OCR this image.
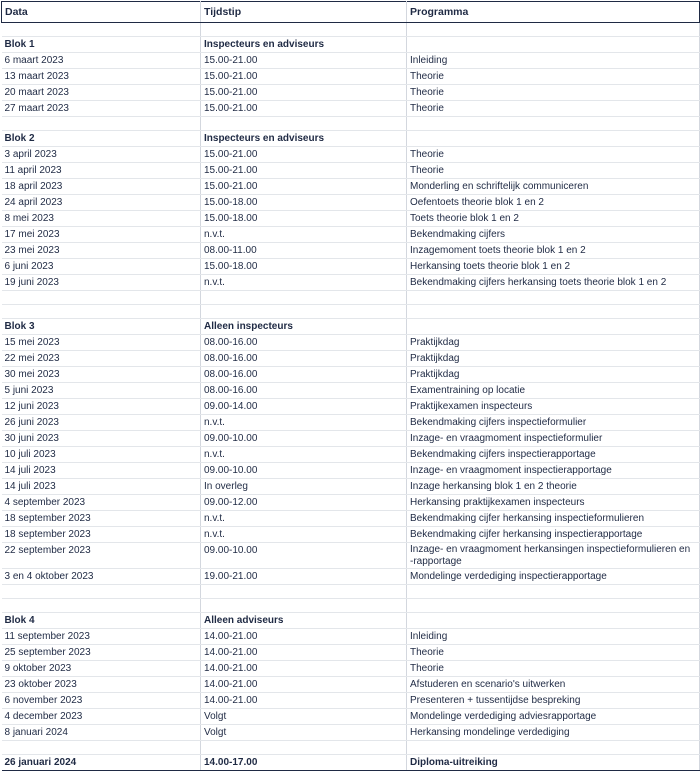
Data	Tijdstip	Programma

Blok 1	Inspecteurs en adviseurs	
6 maart 2023	15.00-21.00	Inleiding
13 maart 2023	15.00-21.00	Theorie
20 maart 2023	15.00-21.00	Theorie
27 maart 2023	15.00-21.00	Theorie

Blok 2	Inspecteurs en adviseurs	
3 april 2023	15.00-21.00	Theorie
11 april 2023	15.00-21.00	Theorie
18 april 2023	15.00-21.00	Monderling en schriftelijk communiceren
24 april 2023	15.00-18.00	Oefentoets theorie blok 1 en 2
8 mei 2023	15.00-18.00	Toets theorie blok 1 en 2
17 mei 2023	n.v.t.	Bekendmaking cijfers
23 mei 2023	08.00-11.00	Inzagemoment toets theorie blok 1 en 2
6 juni 2023	15.00-18.00	Herkansing toets theorie blok 1 en 2
19 juni 2023	n.v.t.	Bekendmaking cijfers herkansing toets theorie blok 1 en 2

Blok 3	Alleen inspecteurs	
15 mei 2023	08.00-16.00	Praktijkdag
22 mei 2023	08.00-16.00	Praktijkdag
30 mei 2023	08.00-16.00	Praktijkdag
5 juni 2023	08.00-16.00	Examentraining op locatie
12 juni 2023	09.00-14.00	Praktijkexamen inspecteurs
26 juni 2023	n.v.t.	Bekendmaking cijfers inspectieformulier
30 juni 2023	09.00-10.00	Inzage- en vraagmoment inspectieformulier
10 juli 2023	n.v.t.	Bekendmaking cijfers inspectierapportage
14 juli 2023	09.00-10.00	Inzage- en vraagmoment inspectierapportage
14 juli 2023	In overleg	Inzage herkansing blok 1 en 2 theorie
4 september 2023	09.00-12.00	Herkansing praktijkexamen inspecteurs
18 september 2023	n.v.t.	Bekendmaking cijfer herkansing inspectieformulieren
18 september 2023	n.v.t.	Bekendmaking cijfer herkansing inspectierapportage
22 september 2023	09.00-10.00	Inzage- en vraagmoment herkansingen inspectieformulieren en -rapportage
3 en 4 oktober 2023	19.00-21.00	Mondelinge verdediging inspectierapportage

Blok 4	Alleen adviseurs	
11 september 2023	14.00-21.00	Inleiding
25 september 2023	14.00-21.00	Theorie
9 oktober 2023	14.00-21.00	Theorie
23 oktober 2023	14.00-21.00	Afstuderen en scenario's uitwerken
6 november 2023	14.00-21.00	Presenteren + tussentijdse bespreking
4 december 2023	Volgt	Mondelinge verdediging adviesrapportage
8 januari 2024	Volgt	Herkansing mondelinge verdediging

26 januari 2024	14.00-17.00	Diploma-uitreiking
